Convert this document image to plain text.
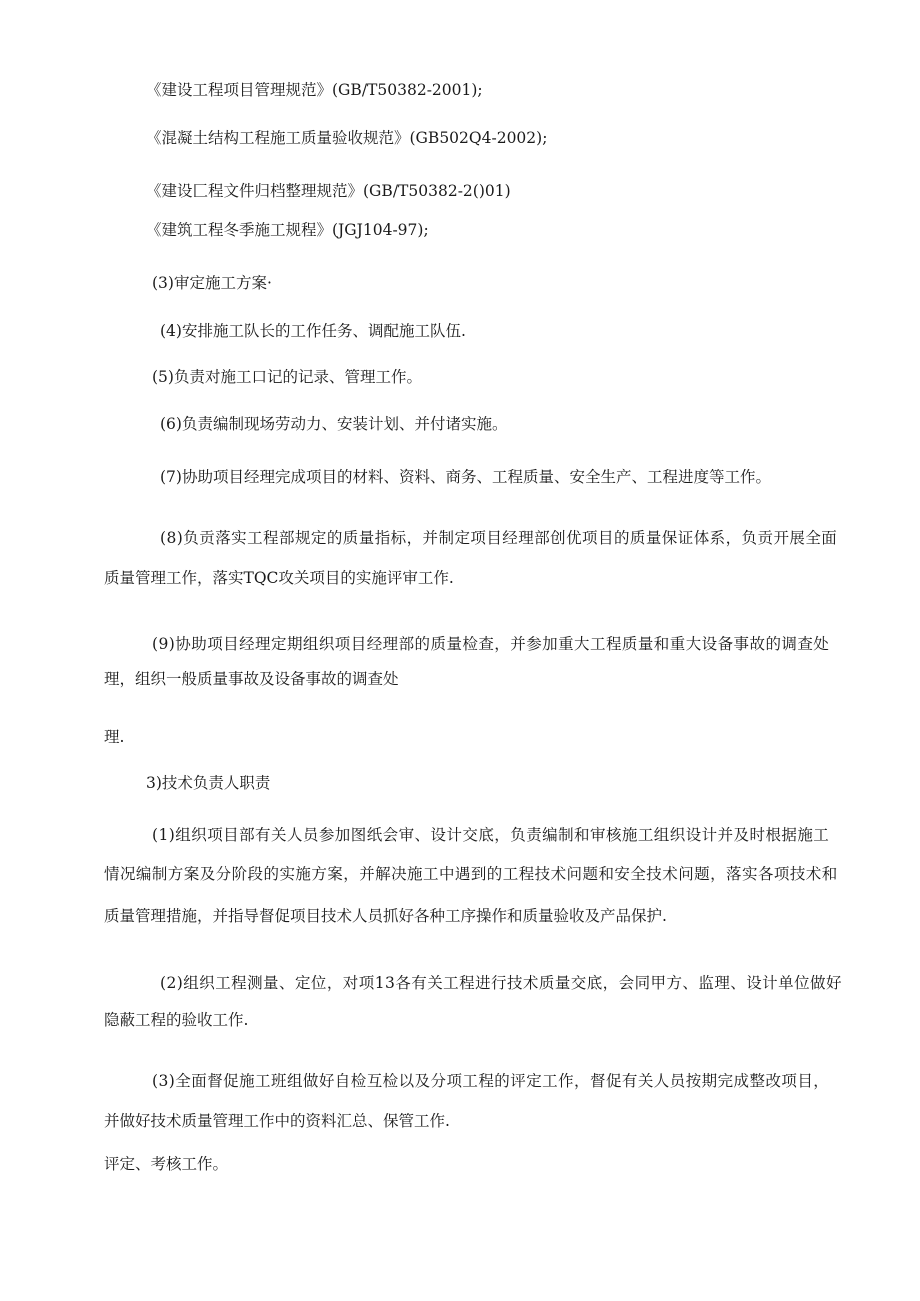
《建设工程项目管理规范》(GB/T50382-2001);
《混凝土结构工程施工质量验收规范》(GB502Q4-2002);
《建设匚程文件归档整理规范》(GB/T50382-2()01)
《建筑工程冬季施工规程》(JGJ104-97);
(3)审定施工方案·
(4)安排施工队长的工作任务、调配施工队伍.
(5)负责对施工口记的记录、管理工作。
(6)负责编制现场劳动力、安装计划、并付诸实施。
(7)协助项目经理完成项目的材料、资料、商务、工程质量、安全生产、工程进度等工作。
(8)负贡落实工程部规定的质量指标，并制定项目经理部创优项目的质量保证体系，负贡开展全面
质量管理工作，落实TQC攻关项目的实施评审工作.
(9)协助项目经理定期组织项目经理部的质量检查，并参加重大工程质量和重大设备事故的调查处
理，组织一般质量事故及设备事故的调查处
理.
3)技术负责人职责
(1)组织项目部有关人员参加图纸会审、设计交底，负责编制和审核施工组织设计并及时根据施工
情况编制方案及分阶段的实施方案，并解决施工中遇到的工程技术问题和安全技术问题，落实各项技术和
质量管理措施，并指导督促项目技术人员抓好各种工序操作和质量验收及产品保护.
(2)组织工程测量、定位，对项13各有关工程进行技术质量交底，会同甲方、监理、设计单位做好
隐蔽工程的验收工作.
(3)全面督促施工班组做好自检互检以及分项工程的评定工作，督促有关人员按期完成整改项目，
并做好技术质量管理工作中的资料汇总、保管工作.
评定、考核工作。
